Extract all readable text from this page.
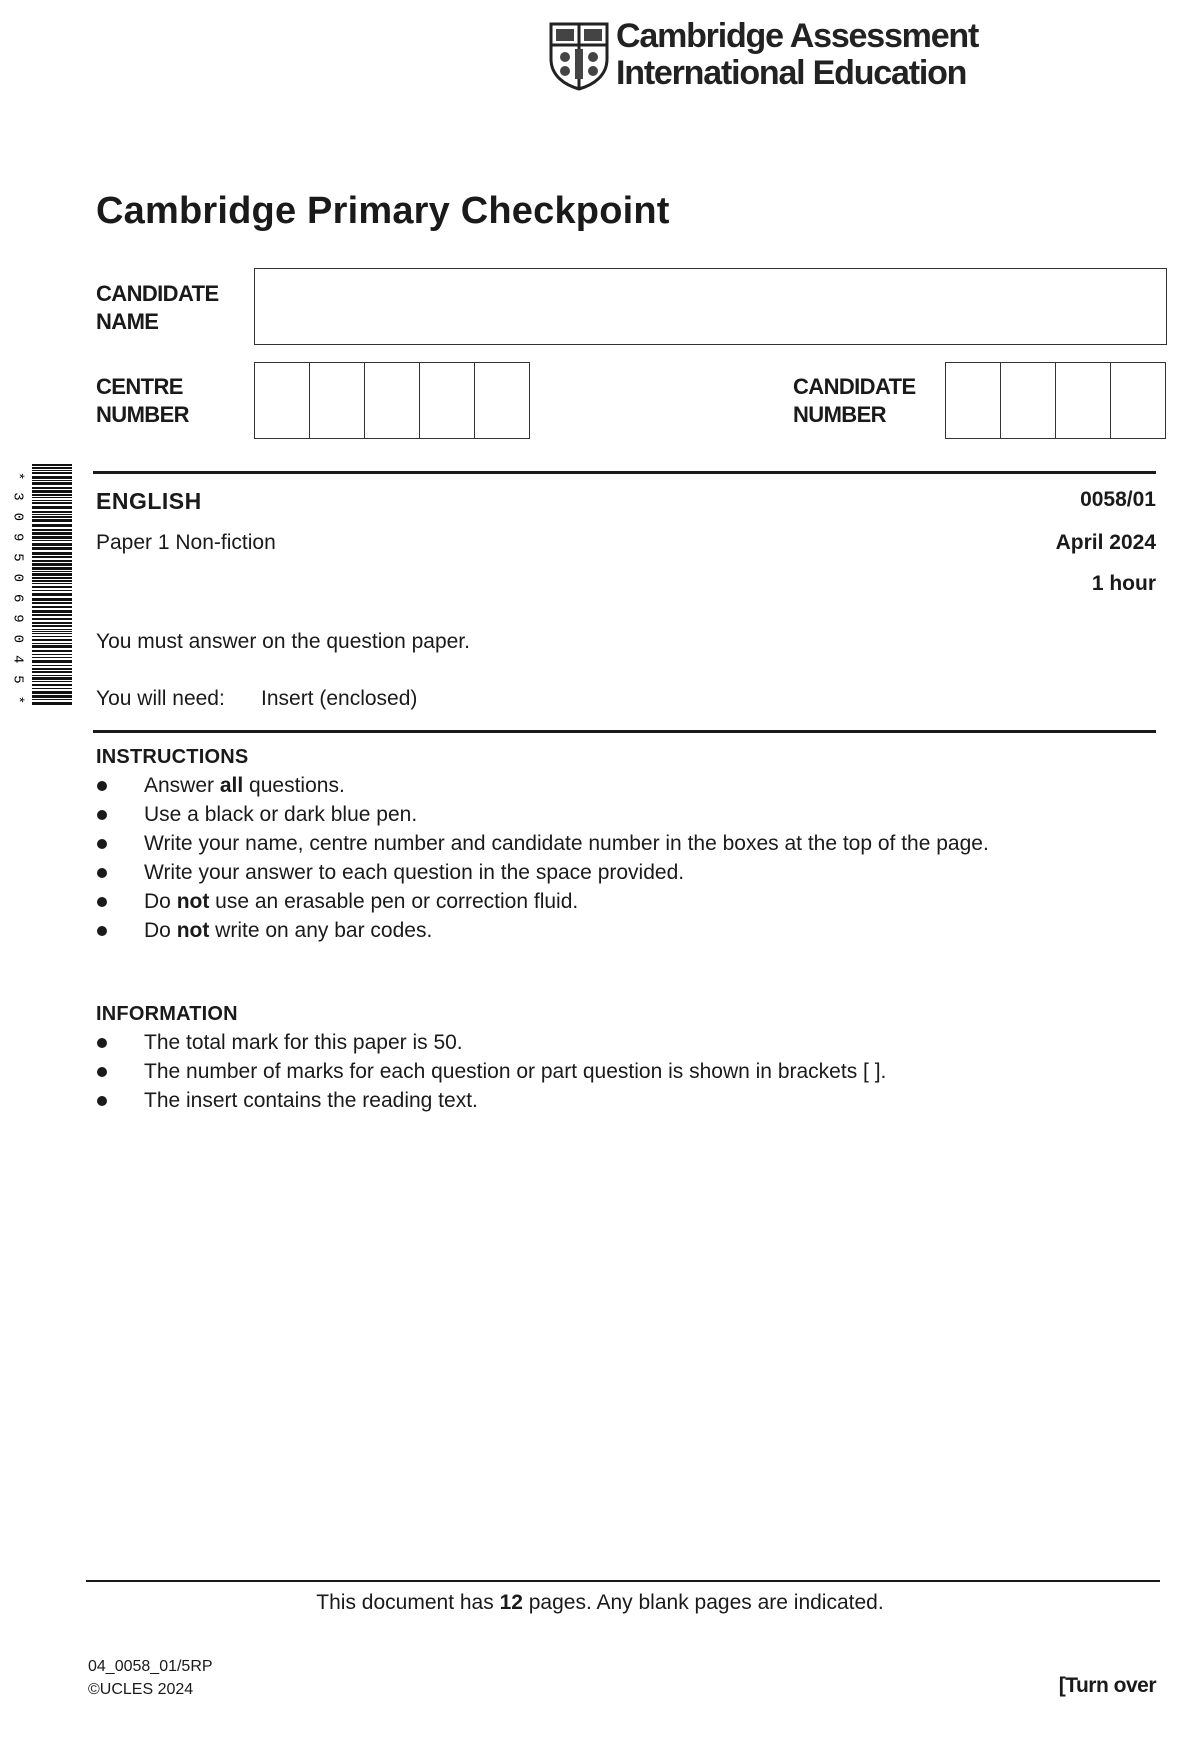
Cambridge Assessment
International Education
Cambridge Primary Checkpoint
CANDIDATE
NAME
CENTRE
NUMBER
CANDIDATE
NUMBER
*
3
0
9
5
0
6
9
0
4
5
*
ENGLISH
Paper 1 Non-fiction
0058/01
April 2024
1 hour
You must answer on the question paper.
You will need: Insert (enclosed)
INSTRUCTIONS
Answer all questions.
Use a black or dark blue pen.
Write your name, centre number and candidate number in the boxes at the top of the page.
Write your answer to each question in the space provided.
Do not use an erasable pen or correction fluid.
Do not write on any bar codes.
INFORMATION
The total mark for this paper is 50.
The number of marks for each question or part question is shown in brackets [ ].
The insert contains the reading text.
This document has 12 pages. Any blank pages are indicated.
04_0058_01/5RP
©UCLES 2024	[Turn over
